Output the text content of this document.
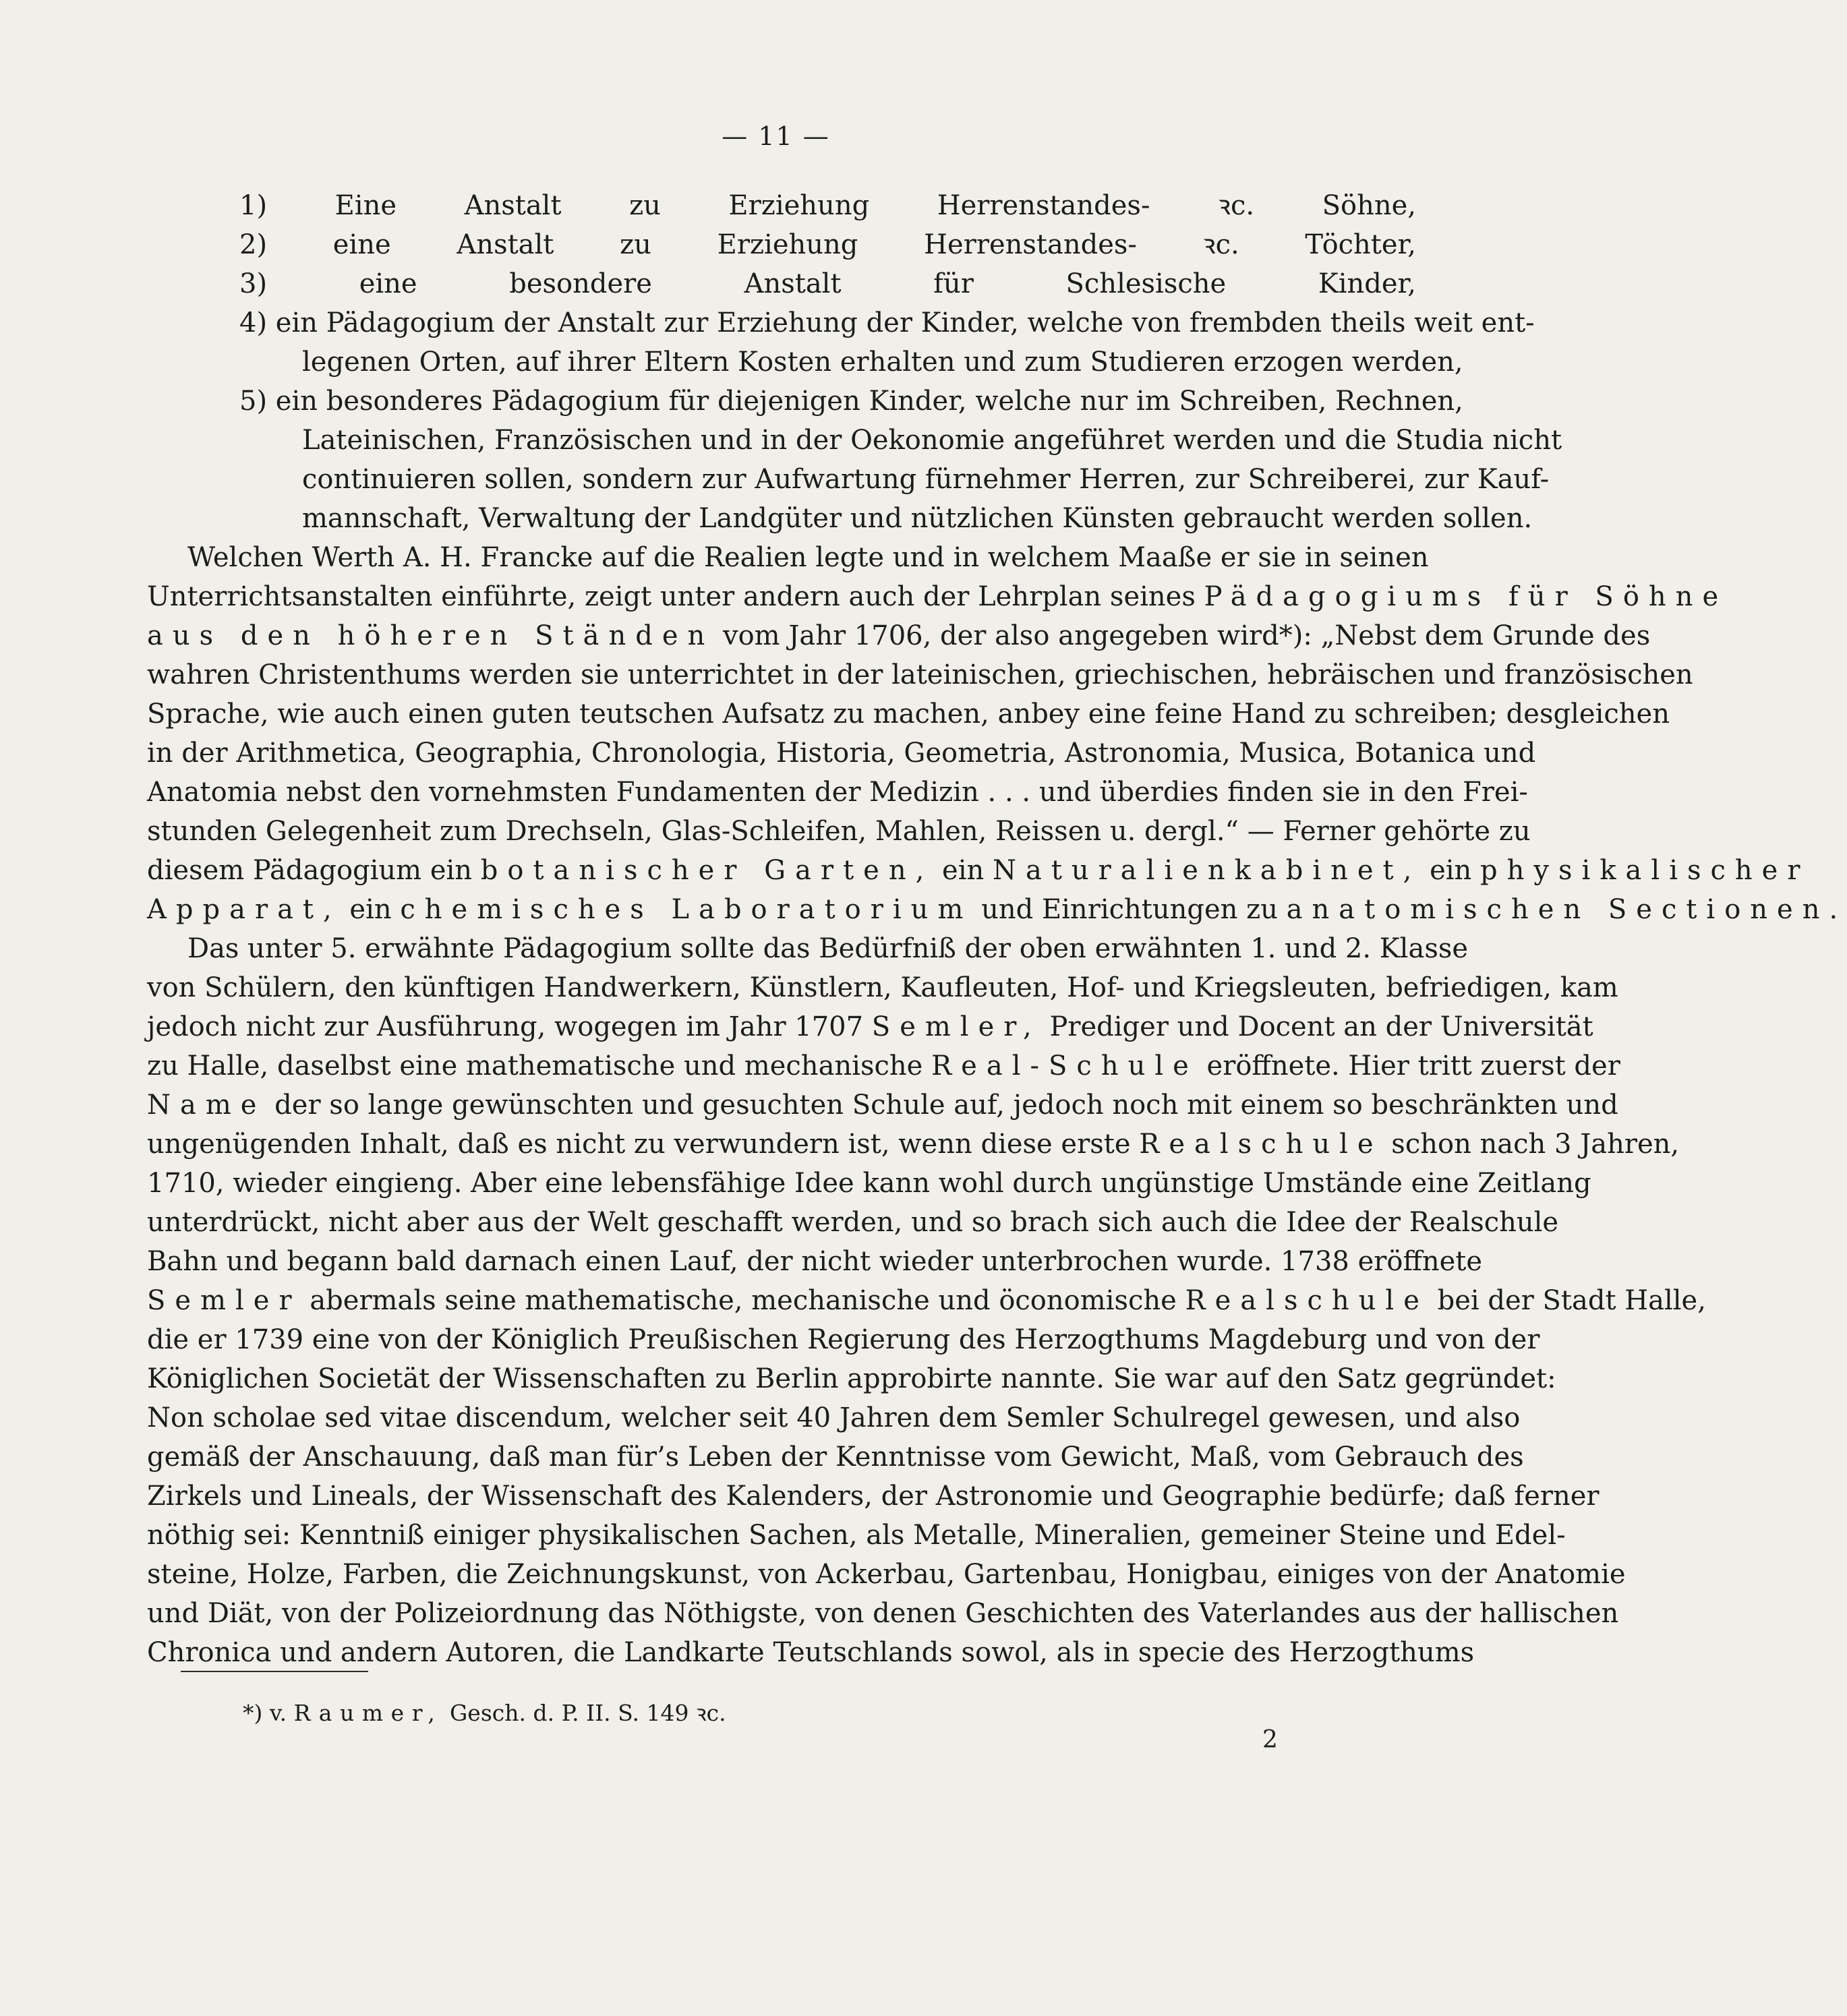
— 11 —
1)	Eine Anstalt zu Erziehung Herrenstandes- ꝛc. Söhne,
2) eine Anstalt zu Erziehung Herrenstandes- ꝛc. Töchter,
3)	eine besondere Anstalt für Schlesische Kinder,
4) ein Pädagogium der Anstalt zur Erziehung der Kinder, welche von frembden theils weit ent-
legenen Orten, auf ihrer Eltern Kosten erhalten und zum Studieren erzogen werden,
5) ein besonderes Pädagogium für diejenigen Kinder, welche nur im Schreiben, Rechnen,
Lateinischen, Französischen und in der Oekonomie angeführet werden und die Studia nicht
continuieren sollen, sondern zur Aufwartung fürnehmer Herren, zur Schreiberei, zur Kauf-
mannschaft, Verwaltung der Landgüter und nützlichen Künsten gebraucht werden sollen.
Welchen Werth A. H. Francke auf die Realien legte und in welchem Maaße er sie in seinen
Unterrichtsanstalten einführte, zeigt unter andern auch der Lehrplan seines Pädagogiums für Söhne
aus den höheren Ständen vom Jahr 1706, der also angegeben wird*): „Nebst dem Grunde des
wahren Christenthums werden sie unterrichtet in der lateinischen, griechischen, hebräischen und französischen
Sprache, wie auch einen guten teutschen Aufsatz zu machen, anbey eine feine Hand zu schreiben; desgleichen
in der Arithmetica, Geographia, Chronologia, Historia, Geometria, Astronomia, Musica, Botanica und
Anatomia nebst den vornehmsten Fundamenten der Medizin . . . und überdies finden sie in den Frei-
stunden Gelegenheit zum Drechseln, Glas-Schleifen, Mahlen, Reissen u. dergl.“ — Ferner gehörte zu
diesem Pädagogium ein botanischer Garten, ein Naturalienkabinet, ein physikalischer
Apparat, ein chemisches Laboratorium und Einrichtungen zu anatomischen Sectionen.
Das unter 5. erwähnte Pädagogium sollte das Bedürfniß der oben erwähnten 1. und 2. Klasse
von Schülern, den künftigen Handwerkern, Künstlern, Kaufleuten, Hof- und Kriegsleuten, befriedigen, kam
jedoch nicht zur Ausführung, wogegen im Jahr 1707 Semler, Prediger und Docent an der Universität
zu Halle, daselbst eine mathematische und mechanische Real-Schule eröffnete. Hier tritt zuerst der
Name der so lange gewünschten und gesuchten Schule auf, jedoch noch mit einem so beschränkten und
ungenügenden Inhalt, daß es nicht zu verwundern ist, wenn diese erste Realschule schon nach 3 Jahren,
1710, wieder eingieng. Aber eine lebensfähige Idee kann wohl durch ungünstige Umstände eine Zeitlang
unterdrückt, nicht aber aus der Welt geschafft werden, und so brach sich auch die Idee der Realschule
Bahn und begann bald darnach einen Lauf, der nicht wieder unterbrochen wurde. 1738 eröffnete
Semler abermals seine mathematische, mechanische und öconomische Realschule bei der Stadt Halle,
die er 1739 eine von der Königlich Preußischen Regierung des Herzogthums Magdeburg und von der
Königlichen Societät der Wissenschaften zu Berlin approbirte nannte. Sie war auf den Satz gegründet:
Non scholae sed vitae discendum, welcher seit 40 Jahren dem Semler Schulregel gewesen, und also
gemäß der Anschauung, daß man für’s Leben der Kenntnisse vom Gewicht, Maß, vom Gebrauch des
Zirkels und Lineals, der Wissenschaft des Kalenders, der Astronomie und Geographie bedürfe; daß ferner
nöthig sei: Kenntniß einiger physikalischen Sachen, als Metalle, Mineralien, gemeiner Steine und Edel-
steine, Holze, Farben, die Zeichnungskunst, von Ackerbau, Gartenbau, Honigbau, einiges von der Anatomie
und Diät, von der Polizeiordnung das Nöthigste, von denen Geschichten des Vaterlandes aus der hallischen
Chronica und andern Autoren, die Landkarte Teutschlands sowol, als in specie des Herzogthums
*) v. Raumer, Gesch. d. P. II. S. 149 ꝛc.
2
